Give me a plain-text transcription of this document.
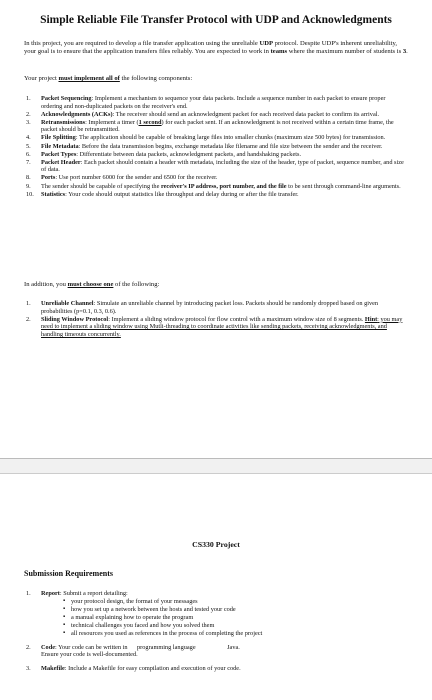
Simple Reliable File Transfer Protocol with UDP and Acknowledgments

In this project, you are required to develop a file transfer application using the unreliable UDP protocol. Despite UDP's inherent unreliability, your goal is to ensure that the application transfers files reliably. You are expected to work in teams where the maximum number of students is 3.

Your project must implement all of the following components:

1.	Packet Sequencing: Implement a mechanism to sequence your data packets. Include a sequence number in each packet to ensure proper ordering and non-duplicated packets on the receiver's end.
2.	Acknowledgments (ACKs): The receiver should send an acknowledgment packet for each received data packet to confirm its arrival.
3.	Retransmissions: Implement a timer (1 second) for each packet sent. If an acknowledgment is not received within a certain time frame, the packet should be retransmitted.
4.	File Splitting: The application should be capable of breaking large files into smaller chunks (maximum size 500 bytes) for transmission.
5.	File Metadata: Before the data transmission begins, exchange metadata like filename and file size between the sender and the receiver.
6.	Packet Types: Differentiate between data packets, acknowledgment packets, and handshaking packets.
7.	Packet Header: Each packet should contain a header with metadata, including the size of the header, type of packet, sequence number, and size of data.
8.	Ports: Use port number 6000 for the sender and 6500 for the receiver.
9.	The sender should be capable of specifying the receiver's IP address, port number, and the file to be sent through command-line arguments.
10.	Statistics: Your code should output statistics like throughput and delay during or after the file transfer.

In addition, you must choose one of the following:

1.	Unreliable Channel: Simulate an unreliable channel by introducing packet loss. Packets should be randomly dropped based on given probabilities (p=0.1, 0.3, 0.6).
2.	Sliding Window Protocol: Implement a sliding window protocol for flow control with a maximum window size of 8 segments. Hint: you may need to implement a sliding window using Mutli-threading to coordinate activities like sending packets, receiving acknowledgments, and handling timeouts concurrently.
CS330 Project
Submission Requirements
1.	Report: Submit a report detailing:
▪ your protocol design, the format of your messages
▪ how you set up a network between the hosts and tested your code
▪ a manual explaining how to operate the program
▪ technical challenges you faced and how you solved them
▪ all resources you used as references in the process of completing the project
2.	Code: Your code can be written in programming language	Java.
Ensure your code is well-documented.
3.	Makefile: Include a Makefile for easy compilation and execution of your code.
